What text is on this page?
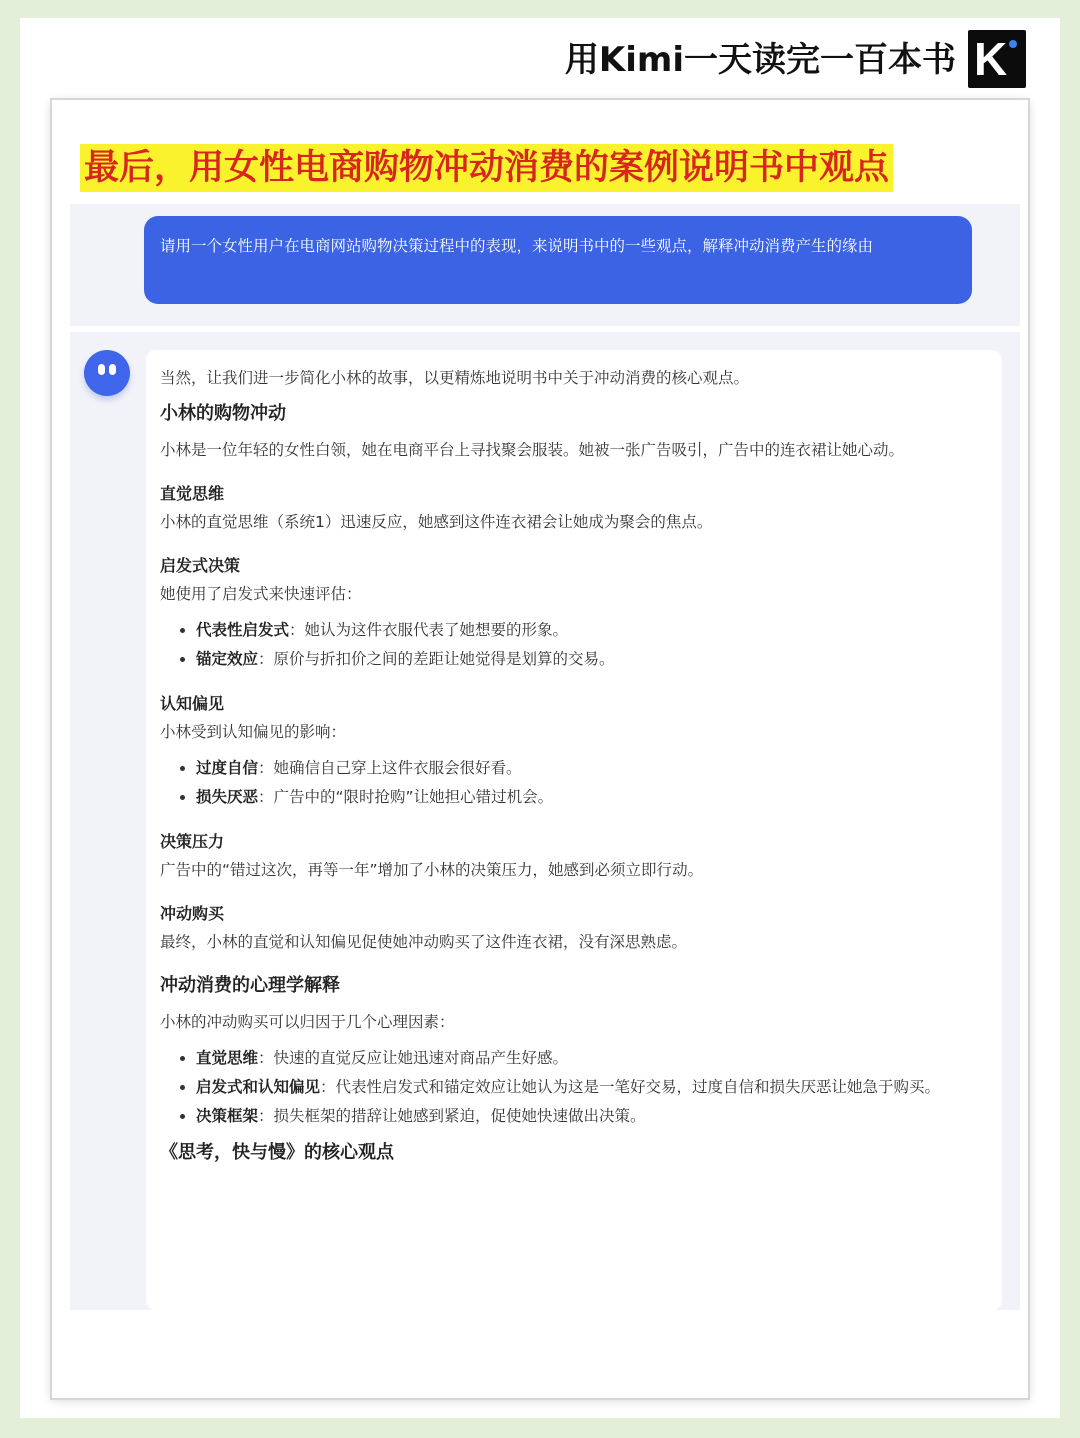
用Kimi一天读完一百本书 K
最后，用女性电商购物冲动消费的案例说明书中观点
请用一个女性用户在电商网站购物决策过程中的表现，来说明书中的一些观点，解释冲动消费产生的缘由

当然，让我们进一步简化小林的故事，以更精炼地说明书中关于冲动消费的核心观点。

小林的购物冲动

小林是一位年轻的女性白领，她在电商平台上寻找聚会服装。她被一张广告吸引，广告中的连衣裙让她心动。

直觉思维

小林的直觉思维（系统1）迅速反应，她感到这件连衣裙会让她成为聚会的焦点。

启发式决策

她使用了启发式来快速评估：

• 代表性启发式：她认为这件衣服代表了她想要的形象。
• 锚定效应：原价与折扣价之间的差距让她觉得是划算的交易。
认知偏见

小林受到认知偏见的影响：

• 过度自信：她确信自己穿上这件衣服会很好看。
• 损失厌恶：广告中的“限时抢购”让她担心错过机会。
决策压力

广告中的“错过这次，再等一年”增加了小林的决策压力，她感到必须立即行动。

冲动购买

最终，小林的直觉和认知偏见促使她冲动购买了这件连衣裙，没有深思熟虑。

冲动消费的心理学解释

小林的冲动购买可以归因于几个心理因素：

• 直觉思维：快速的直觉反应让她迅速对商品产生好感。
• 启发式和认知偏见：代表性启发式和锚定效应让她认为这是一笔好交易，过度自信和损失厌恶让她急于购买。
• 决策框架：损失框架的措辞让她感到紧迫，促使她快速做出决策。
《思考，快与慢》的核心观点
